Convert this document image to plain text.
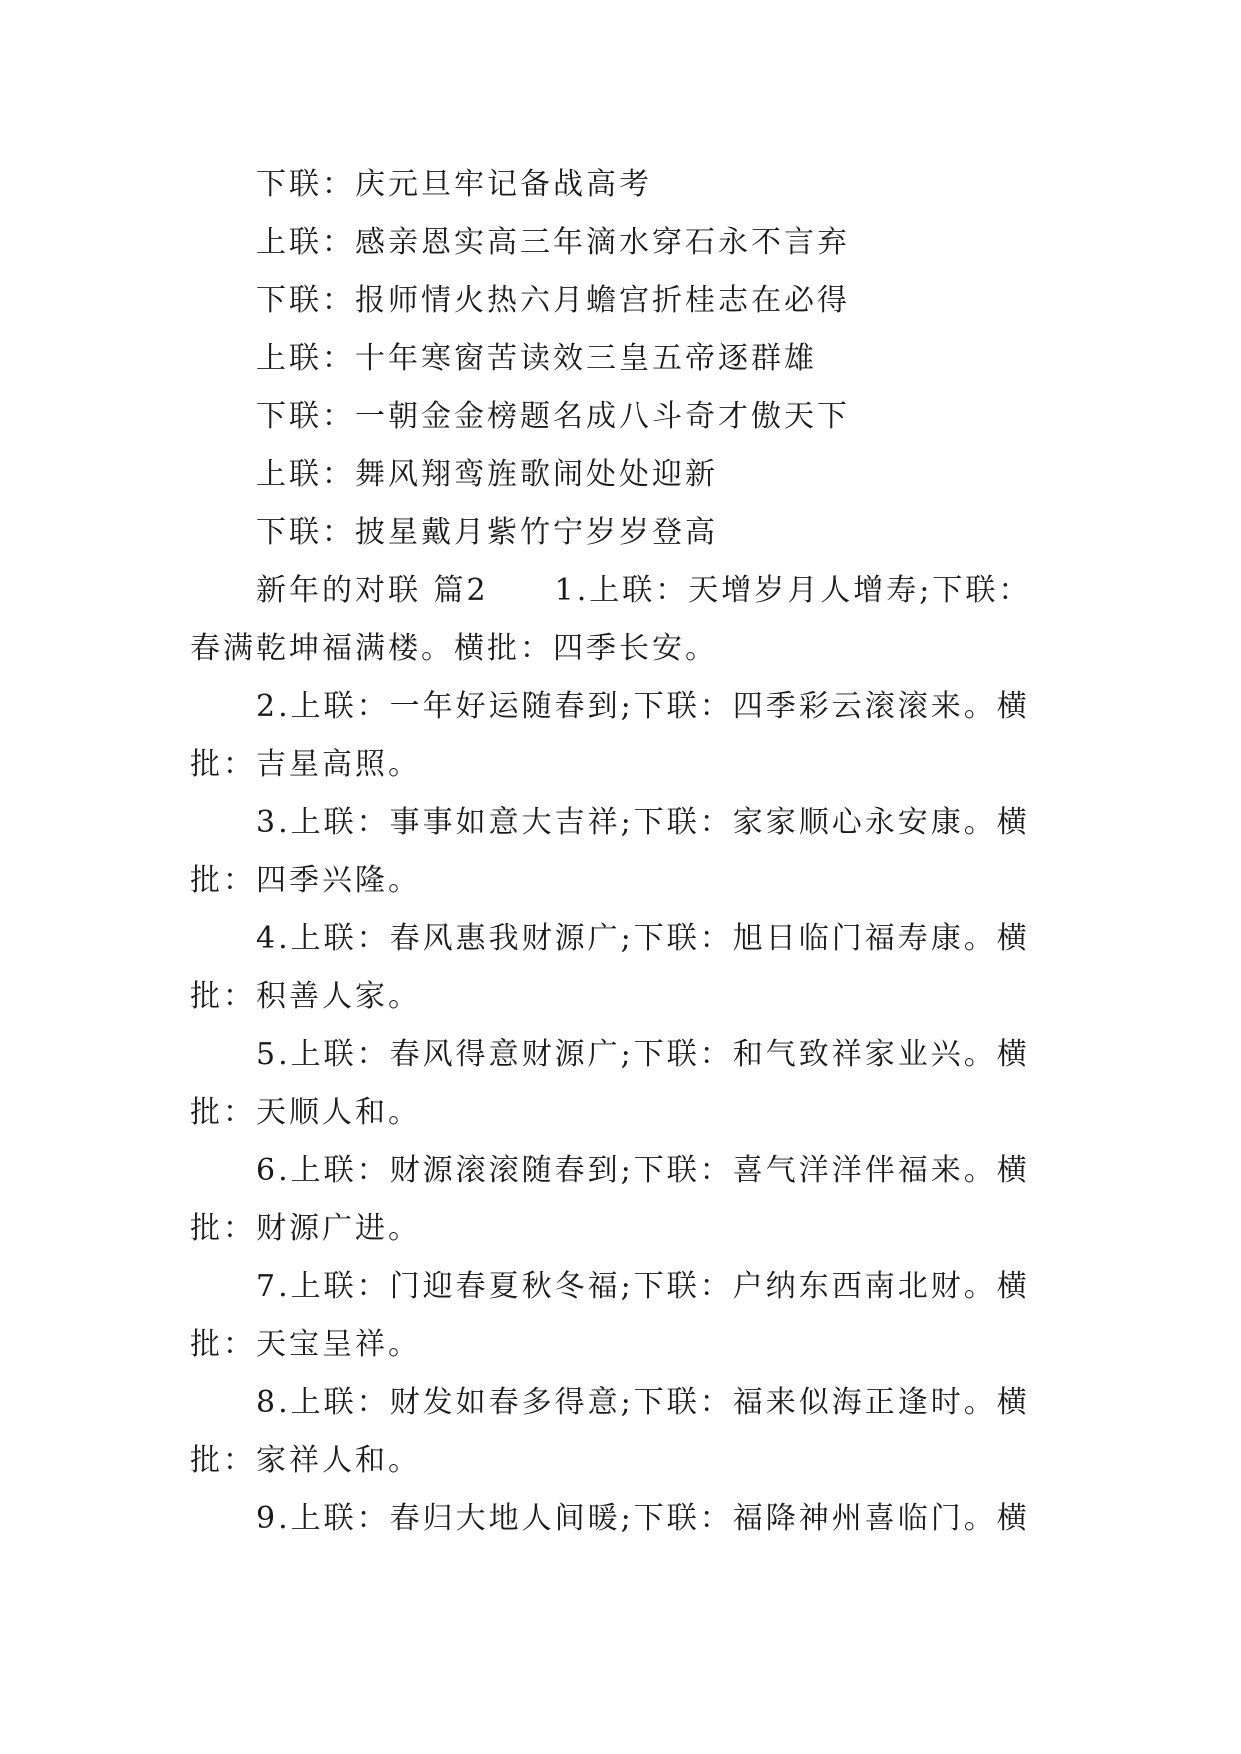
下联：庆元旦牢记备战高考

上联：感亲恩实高三年滴水穿石永不言弃

下联：报师情火热六月蟾宫折桂志在必得

上联：十年寒窗苦读效三皇五帝逐群雄

下联：一朝金金榜题名成八斗奇才傲天下

上联：舞风翔鸾旌歌闹处处迎新

下联：披星戴月紫竹宁岁岁登高

新年的对联 篇2 1.上联：天增岁月人增寿;下联：春满乾坤福满楼。横批：四季长安。

2.上联：一年好运随春到;下联：四季彩云滚滚来。横批：吉星高照。

3.上联：事事如意大吉祥;下联：家家顺心永安康。横批：四季兴隆。

4.上联：春风惠我财源广;下联：旭日临门福寿康。横批：积善人家。

5.上联：春风得意财源广;下联：和气致祥家业兴。横批：天顺人和。

6.上联：财源滚滚随春到;下联：喜气洋洋伴福来。横批：财源广进。

7.上联：门迎春夏秋冬福;下联：户纳东西南北财。横批：天宝呈祥。

8.上联：财发如春多得意;下联：福来似海正逢时。横批：家祥人和。

9.上联：春归大地人间暖;下联：福降神州喜临门。横
